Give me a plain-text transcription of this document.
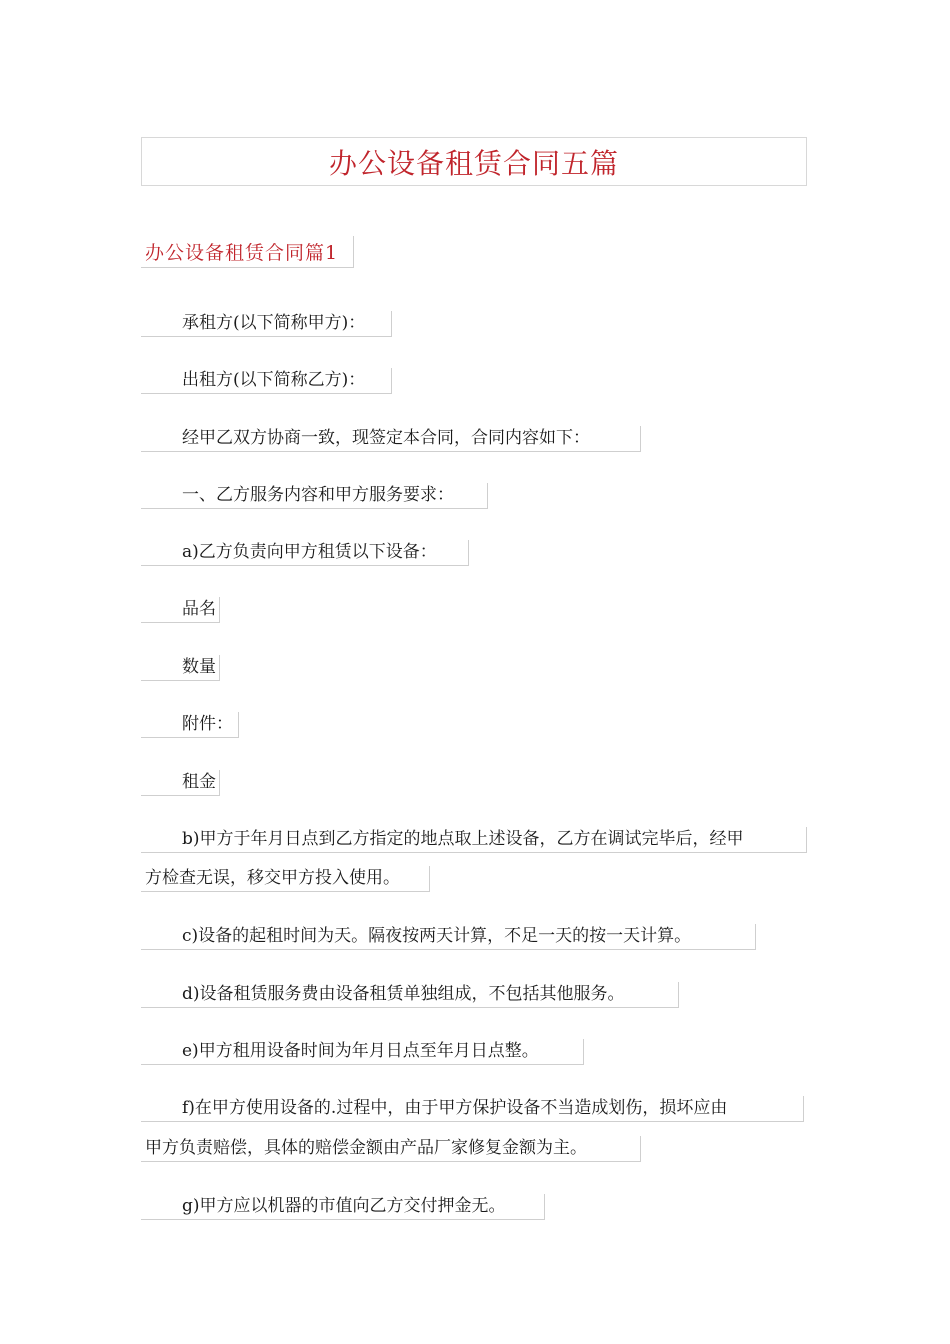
办公设备租赁合同五篇
办公设备租赁合同篇1
承租方(以下简称甲方)：
出租方(以下简称乙方)：
经甲乙双方协商一致，现签定本合同，合同内容如下：
一、乙方服务内容和甲方服务要求：
a)乙方负责向甲方租赁以下设备：
品名
数量
附件：
租金
b)甲方于年月日点到乙方指定的地点取上述设备，乙方在调试完毕后，经甲
方检查无误，移交甲方投入使用。
c)设备的起租时间为天。隔夜按两天计算，不足一天的按一天计算。
d)设备租赁服务费由设备租赁单独组成，不包括其他服务。
e)甲方租用设备时间为年月日点至年月日点整。
f)在甲方使用设备的.过程中，由于甲方保护设备不当造成划伤，损坏应由
甲方负责赔偿，具体的赔偿金额由产品厂家修复金额为主。
g)甲方应以机器的市值向乙方交付押金无。
